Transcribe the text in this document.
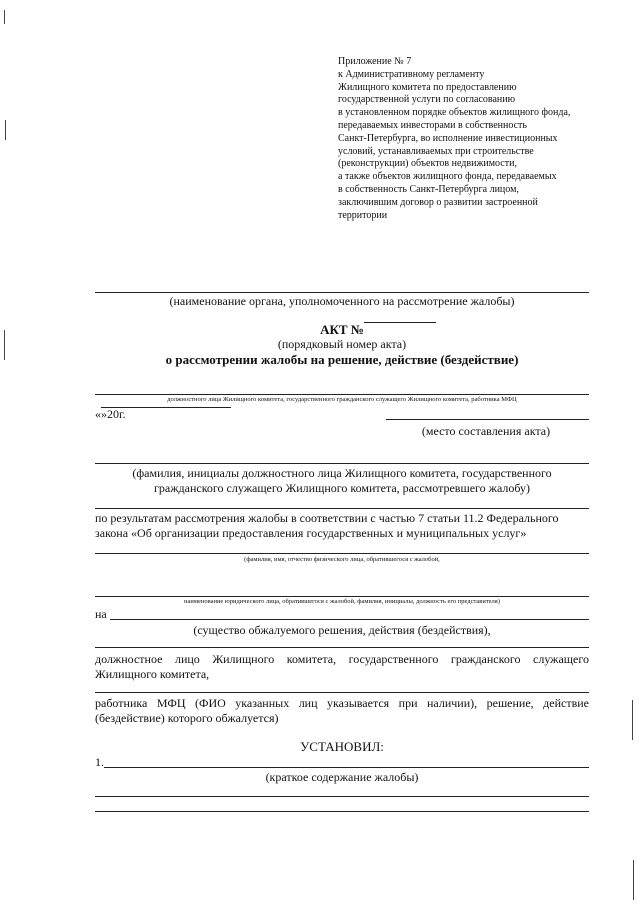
Приложение № 7
к Административному регламенту
Жилищного комитета по предоставлению
государственной услуги по согласованию
в установленном порядке объектов жилищного фонда,
передаваемых инвесторами в собственность
Санкт-Петербурга, во исполнение инвестиционных
условий, устанавливаемых при строительстве
(реконструкции) объектов недвижимости,
а также объектов жилищного фонда, передаваемых
в собственность Санкт-Петербурга лицом,
заключившим договор о развитии застроенной
территории
(наименование органа, уполномоченного на рассмотрение жалобы)
АКТ №
(порядковый номер акта)
о рассмотрении жалобы на решение, действие (бездействие)
должностного лица Жилищного комитета, государственного гражданского служащего Жилищного комитета, работника МФЦ
«
»
20
г.
(место составления акта)
(фамилия, инициалы должностного лица Жилищного комитета, государственного
гражданского служащего Жилищного комитета, рассмотревшего жалобу)
по результатам рассмотрения жалобы в соответствии с частью 7 статьи 11.2 Федерального
закона «Об организации предоставления государственных и муниципальных услуг»
(фамилия, имя, отчество физического лица, обратившегося с жалобой,
наименование юридического лица, обратившегося с жалобой, фамилия, инициалы, должность его представителя)
на
(существо обжалуемого решения, действия (бездействия),
должностное лицо Жилищного комитета, государственного гражданского служащего
Жилищного комитета,
работника МФЦ (ФИО указанных лиц указывается при наличии), решение, действие
(бездействие) которого обжалуется)
УСТАНОВИЛ:
1.
(краткое содержание жалобы)
